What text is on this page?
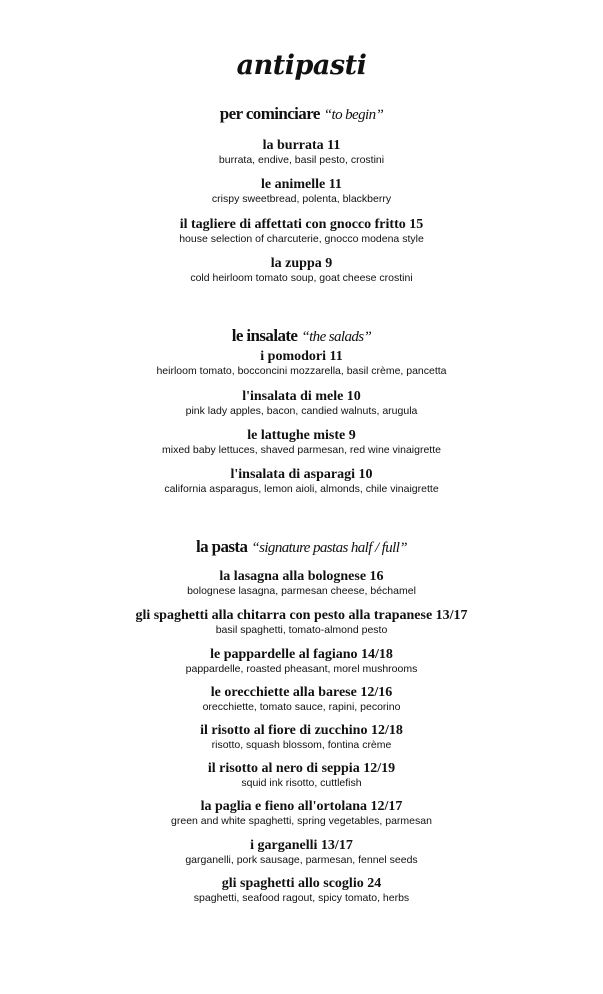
antipasti
per cominciare “to begin”
la burrata 11
burrata, endive, basil pesto, crostini
le animelle 11
crispy sweetbread, polenta, blackberry
il tagliere di affettati con gnocco fritto 15
house selection of charcuterie, gnocco modena style
la zuppa 9
cold heirloom tomato soup, goat cheese crostini
le insalate “the salads”
i pomodori 11
heirloom tomato, bocconcini mozzarella, basil crème, pancetta
l'insalata di mele 10
pink lady apples, bacon, candied walnuts, arugula
le lattughe miste 9
mixed baby lettuces, shaved parmesan, red wine vinaigrette
l'insalata di asparagi 10
california asparagus, lemon aioli, almonds, chile vinaigrette
la pasta “signature pastas half / full”
la lasagna alla bolognese 16
bolognese lasagna, parmesan cheese, béchamel
gli spaghetti alla chitarra con pesto alla trapanese 13/17
basil spaghetti, tomato-almond pesto
le pappardelle al fagiano 14/18
pappardelle, roasted pheasant, morel mushrooms
le orecchiette alla barese 12/16
orecchiette, tomato sauce, rapini, pecorino
il risotto al fiore di zucchino 12/18
risotto, squash blossom, fontina crème
il risotto al nero di seppia 12/19
squid ink risotto, cuttlefish
la paglia e fieno all'ortolana 12/17
green and white spaghetti, spring vegetables, parmesan
i garganelli 13/17
garganelli, pork sausage, parmesan, fennel seeds
gli spaghetti allo scoglio 24
spaghetti, seafood ragout, spicy tomato, herbs
